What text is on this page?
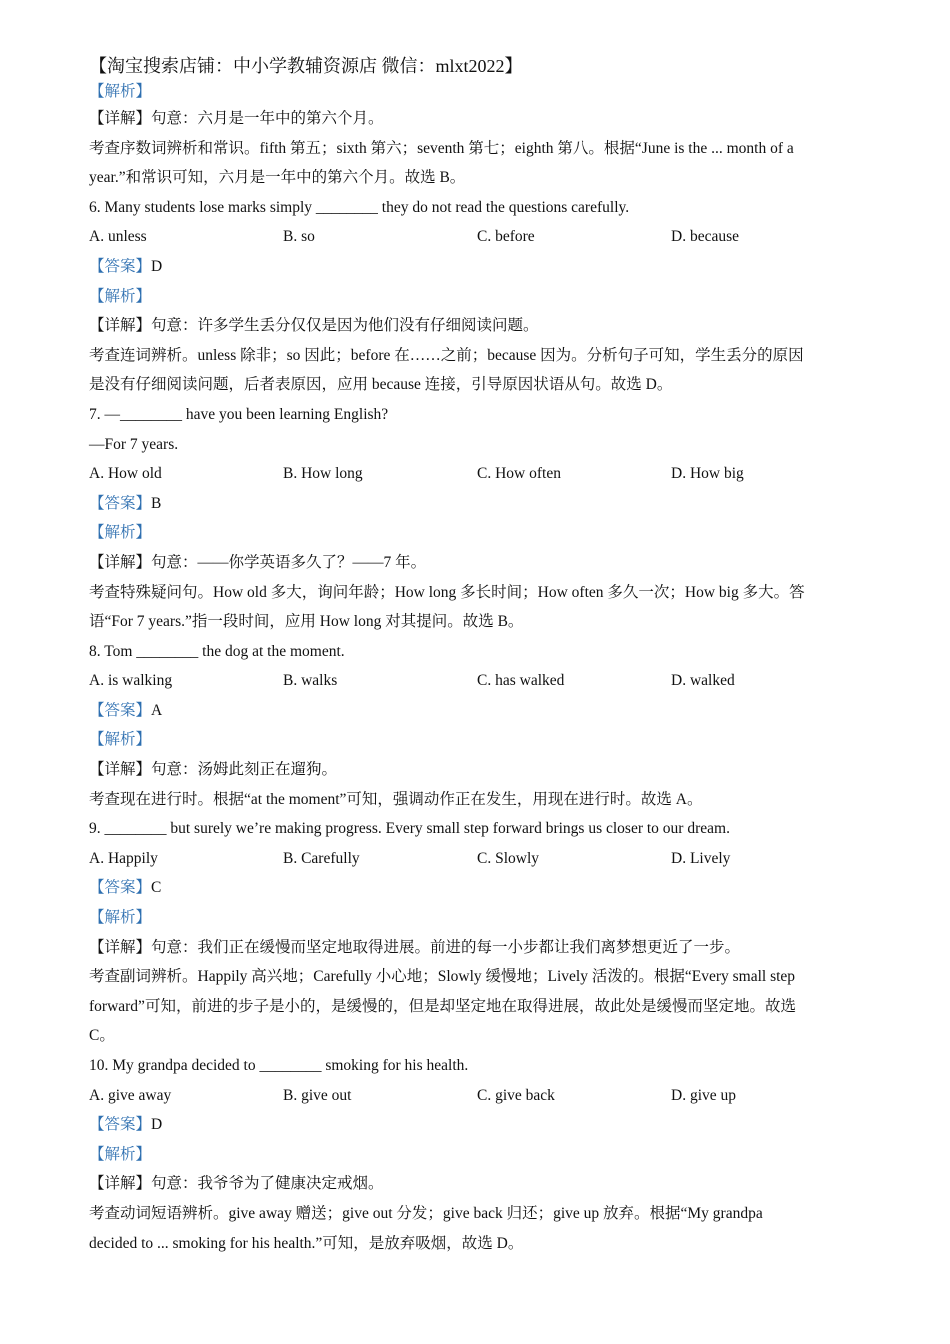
【淘宝搜索店铺：中小学教辅资源店 微信：mlxt2022】
【解析】
【详解】句意：六月是一年中的第六个月。
考查序数词辨析和常识。fifth 第五；sixth 第六；seventh 第七；eighth 第八。根据“June is the ... month of a
year.”和常识可知，六月是一年中的第六个月。故选 B。
6. Many students lose marks simply ________ they do not read the questions carefully.
A. unless	B. so	C. before	D. because
【答案】D
【解析】
【详解】句意：许多学生丢分仅仅是因为他们没有仔细阅读问题。
考查连词辨析。unless 除非；so 因此；before 在……之前；because 因为。分析句子可知，学生丢分的原因
是没有仔细阅读问题，后者表原因，应用 because 连接，引导原因状语从句。故选 D。
7. —________ have you been learning English?
—For 7 years.
A. How old	B. How long	C. How often	D. How big
【答案】B
【解析】
【详解】句意：——你学英语多久了？——7 年。
考查特殊疑问句。How old 多大，询问年龄；How long 多长时间；How often 多久一次；How big 多大。答
语“For 7 years.”指一段时间，应用 How long 对其提问。故选 B。
8. Tom ________ the dog at the moment.
A. is walking	B. walks	C. has walked	D. walked
【答案】A
【解析】
【详解】句意：汤姆此刻正在遛狗。
考查现在进行时。根据“at the moment”可知，强调动作正在发生，用现在进行时。故选 A。
9. ________ but surely we’re making progress. Every small step forward brings us closer to our dream.
A. Happily	B. Carefully	C. Slowly	D. Lively
【答案】C
【解析】
【详解】句意：我们正在缓慢而坚定地取得进展。前进的每一小步都让我们离梦想更近了一步。
考查副词辨析。Happily 高兴地；Carefully 小心地；Slowly 缓慢地；Lively 活泼的。根据“Every small step
forward”可知，前进的步子是小的，是缓慢的，但是却坚定地在取得进展，故此处是缓慢而坚定地。故选
C。
10. My grandpa decided to ________ smoking for his health.
A. give away	B. give out	C. give back	D. give up
【答案】D
【解析】
【详解】句意：我爷爷为了健康决定戒烟。
考查动词短语辨析。give away 赠送；give out 分发；give back 归还；give up 放弃。根据“My grandpa
decided to ... smoking for his health.”可知，是放弃吸烟，故选 D。
